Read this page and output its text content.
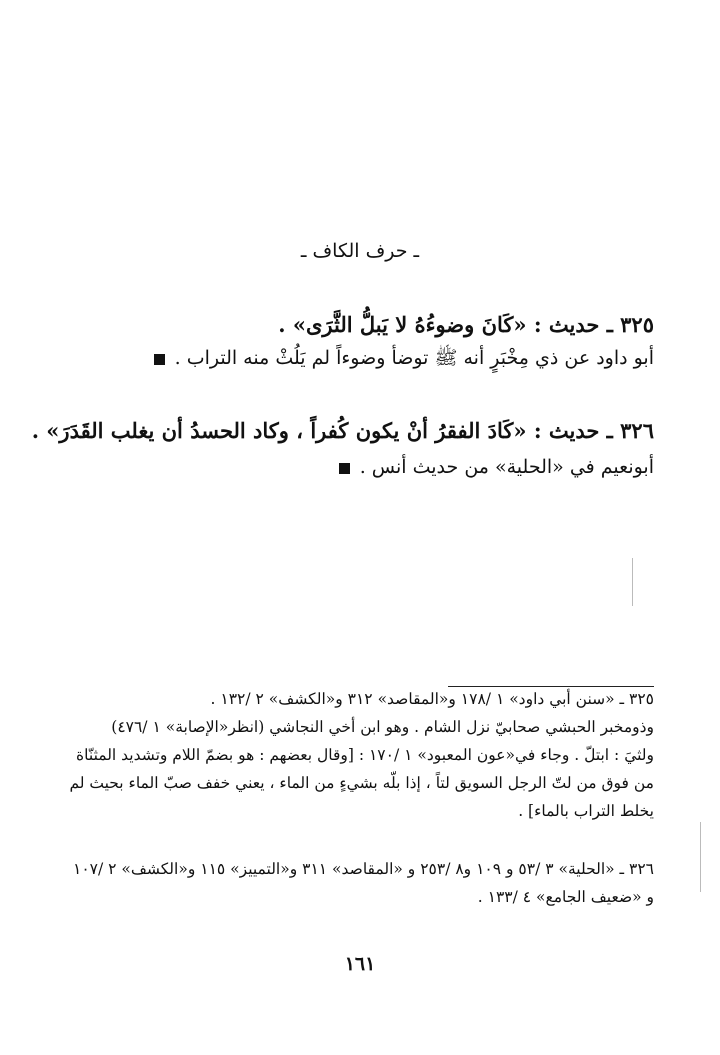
ـ حرف الكاف ـ
٣٢٥ ـ حديث : «كَانَ وضوءُهُ لا يَبلُّ الثَّرَى» .
أبو داود عن ذي مِخْبَرٍ أنه ﷺ توضأ وضوءاً لم يَلُثْ منه التراب .
٣٢٦ ـ حديث : «كَادَ الفقرُ أنْ يكون كُفراً ، وكاد الحسدُ أن يغلب القَدَرَ» .
أبونعيم في «الحلية» من حديث أنس .
٣٢٥ ـ «سنن أبي داود» ١ /١٧٨ و«المقاصد» ٣١٢ و«الكشف» ٢ /١٣٢ .
وذومخبر الحبشي صحابيّ نزل الشام . وهو ابن أخي النجاشي (انظر«الإصابة» ١ /٤٧٦)
ولثيَ : ابتلّ . وجاء في«عون المعبود» ١ /١٧٠ : [وقال بعضهم : هو بضمّ اللام وتشديد المثنّاة
من فوق من لتّ الرجل السويق لتاً ، إذا بلّه بشيءٍ من الماء ، يعني خفف صبّ الماء بحيث لم
يخلط التراب بالماء] .
٣٢٦ ـ «الحلية» ٣ /٥٣ و ١٠٩ و٨ /٢٥٣ و «المقاصد» ٣١١ و«التمييز» ١١٥ و«الكشف» ٢ /١٠٧
و «ضعيف الجامع» ٤ /١٣٣ .
١٦١
